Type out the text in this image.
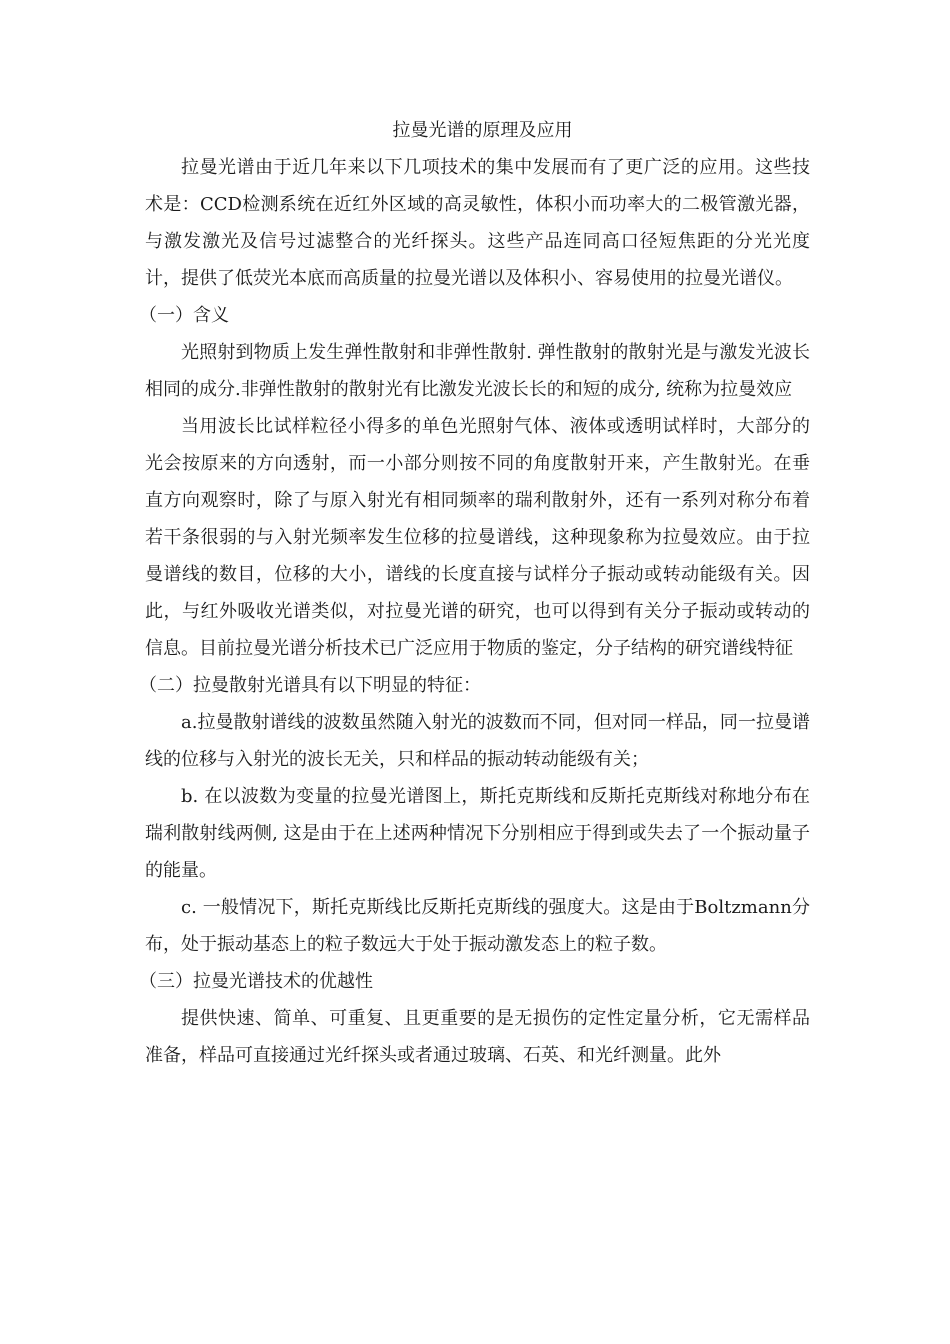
拉曼光谱的原理及应用

拉曼光谱由于近几年来以下几项技术的集中发展而有了更广泛的应用。这些技术是：CCD检测系统在近红外区域的高灵敏性，体积小而功率大的二极管激光器，与激发激光及信号过滤整合的光纤探头。这些产品连同高口径短焦距的分光光度计，提供了低荧光本底而高质量的拉曼光谱以及体积小、容易使用的拉曼光谱仪。

（一）含义

光照射到物质上发生弹性散射和非弹性散射. 弹性散射的散射光是与激发光波长相同的成分.非弹性散射的散射光有比激发光波长长的和短的成分, 统称为拉曼效应

当用波长比试样粒径小得多的单色光照射气体、液体或透明试样时，大部分的光会按原来的方向透射，而一小部分则按不同的角度散射开来，产生散射光。在垂直方向观察时，除了与原入射光有相同频率的瑞利散射外，还有一系列对称分布着若干条很弱的与入射光频率发生位移的拉曼谱线，这种现象称为拉曼效应。由于拉曼谱线的数目，位移的大小，谱线的长度直接与试样分子振动或转动能级有关。因此，与红外吸收光谱类似，对拉曼光谱的研究，也可以得到有关分子振动或转动的信息。目前拉曼光谱分析技术已广泛应用于物质的鉴定，分子结构的研究谱线特征

（二）拉曼散射光谱具有以下明显的特征：

a.拉曼散射谱线的波数虽然随入射光的波数而不同，但对同一样品，同一拉曼谱线的位移与入射光的波长无关，只和样品的振动转动能级有关；

b. 在以波数为变量的拉曼光谱图上，斯托克斯线和反斯托克斯线对称地分布在瑞利散射线两侧, 这是由于在上述两种情况下分别相应于得到或失去了一个振动量子的能量。

c. 一般情况下，斯托克斯线比反斯托克斯线的强度大。这是由于Boltzmann分布，处于振动基态上的粒子数远大于处于振动激发态上的粒子数。

（三）拉曼光谱技术的优越性

提供快速、简单、可重复、且更重要的是无损伤的定性定量分析，它无需样品准备，样品可直接通过光纤探头或者通过玻璃、石英、和光纤测量。此外
